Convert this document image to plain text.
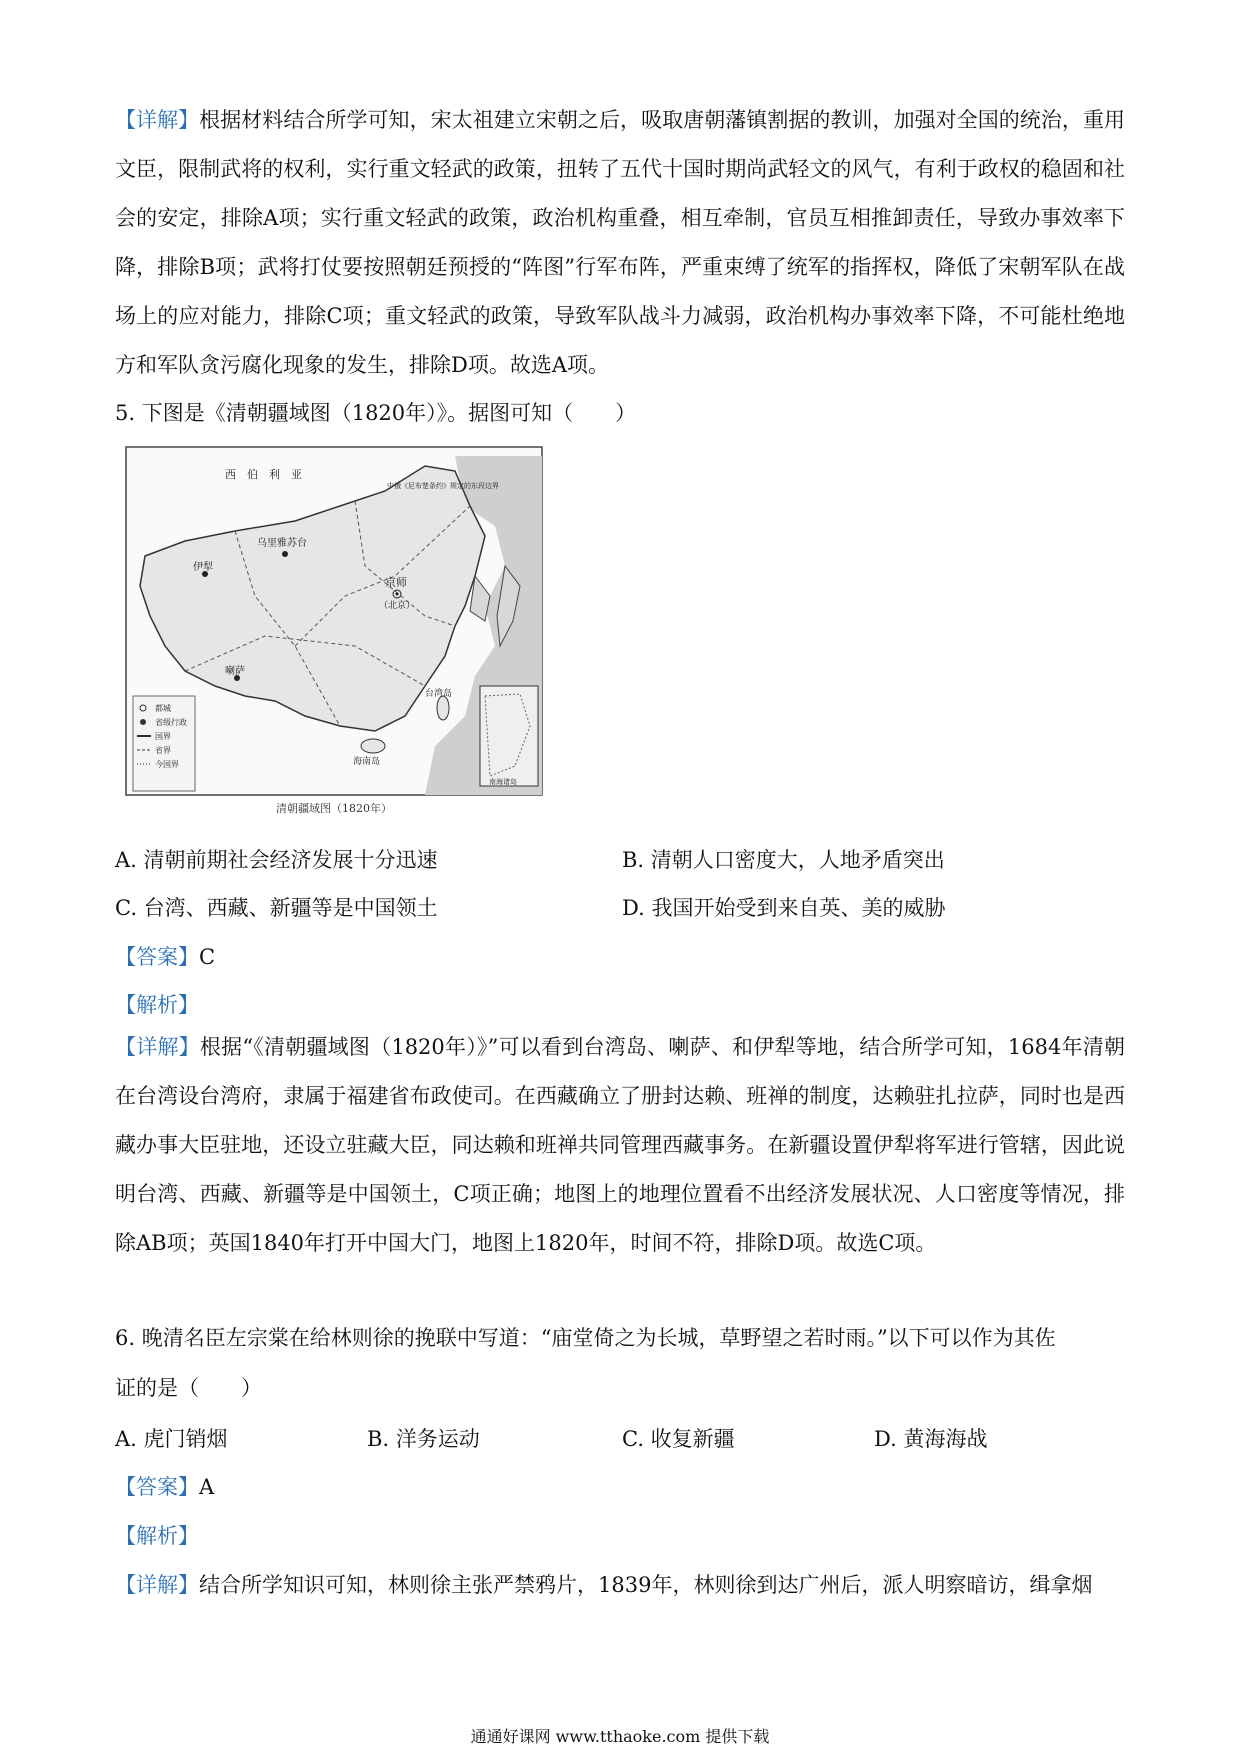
【详解】根据材料结合所学可知，宋太祖建立宋朝之后，吸取唐朝藩镇割据的教训，加强对全国的统治，重用文臣，限制武将的权利，实行重文轻武的政策，扭转了五代十国时期尚武轻文的风气，有利于政权的稳固和社会的安定，排除A项；实行重文轻武的政策，政治机构重叠，相互牵制，官员互相推卸责任，导致办事效率下降，排除B项；武将打仗要按照朝廷预授的“阵图”行军布阵，严重束缚了统军的指挥权，降低了宋朝军队在战场上的应对能力，排除C项；重文轻武的政策，导致军队战斗力减弱，政治机构办事效率下降，不可能杜绝地方和军队贪污腐化现象的发生，排除D项。故选A项。

5. 下图是《清朝疆域图（1820年）》。据图可知（　　）
西　伯　利　亚
乌里雅苏台
伊犁
京师
（北京）
喇萨
台湾岛
海南岛
中俄《尼布楚条约》规定的东段边界
南海诸岛
都城
省级行政
国界
省界
今国界
清朝疆域图（1820年）
A. 清朝前期社会经济发展十分迅速	B. 清朝人口密度大，人地矛盾突出
C. 台湾、西藏、新疆等是中国领土	D. 我国开始受到来自英、美的威胁
【答案】C
【解析】

【详解】根据“《清朝疆域图（1820年）》”可以看到台湾岛、喇萨、和伊犁等地，结合所学可知，1684年清朝在台湾设台湾府，隶属于福建省布政使司。在西藏确立了册封达赖、班禅的制度，达赖驻扎拉萨，同时也是西藏办事大臣驻地，还设立驻藏大臣，同达赖和班禅共同管理西藏事务。在新疆设置伊犁将军进行管辖，因此说明台湾、西藏、新疆等是中国领土，C项正确；地图上的地理位置看不出经济发展状况、人口密度等情况，排除AB项；英国1840年打开中国大门，地图上1820年，时间不符，排除D项。故选C项。

6. 晚清名臣左宗棠在给林则徐的挽联中写道：“庙堂倚之为长城，草野望之若时雨。”以下可以作为其佐
证的是（　　）
A. 虎门销烟	B. 洋务运动	C. 收复新疆	D. 黄海海战
【答案】A
【解析】
【详解】结合所学知识可知，林则徐主张严禁鸦片，1839年，林则徐到达广州后，派人明察暗访，缉拿烟
通通好课网 www.tthaoke.com 提供下载
